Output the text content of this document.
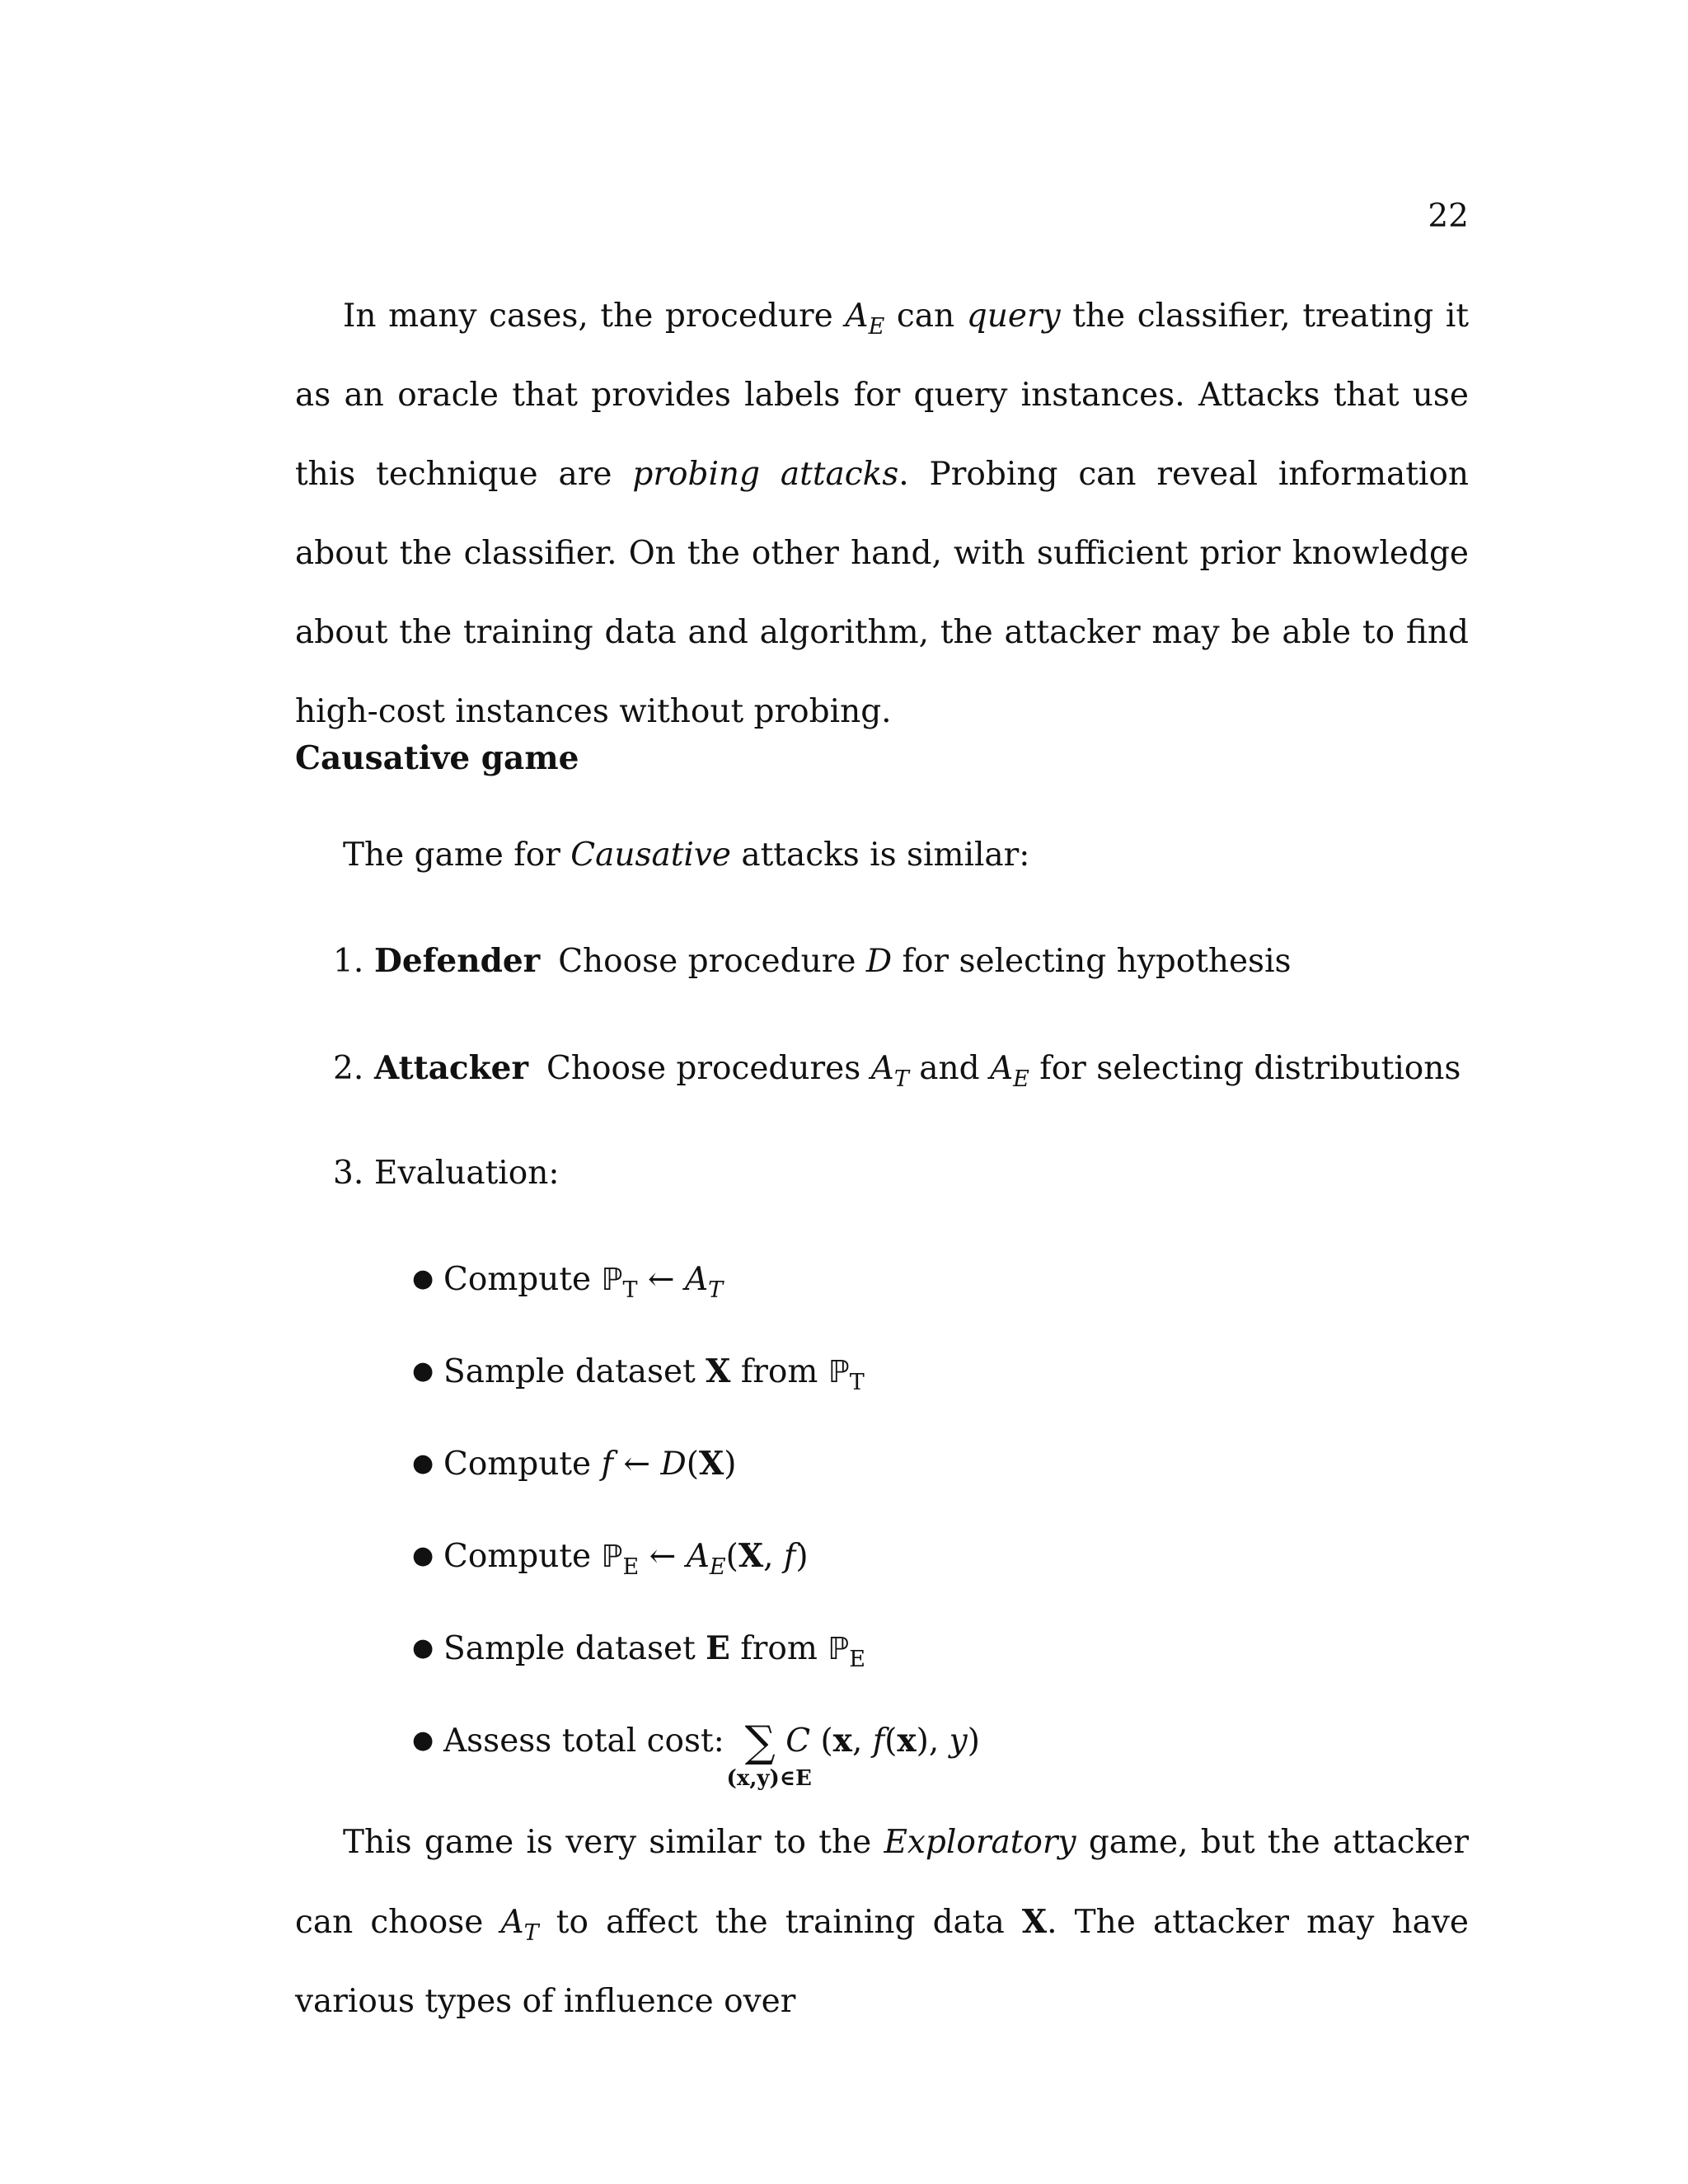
22
In many cases, the procedure $A_E$ can query the classifier, treating it as an oracle that provides labels for query instances. Attacks that use this technique are probing attacks. Probing can reveal information about the classifier. On the other hand, with sufficient prior knowledge about the training data and algorithm, the attacker may be able to find high-cost instances without probing.
Causative game
The game for Causative attacks is similar:
1. Defender Choose procedure D for selecting hypothesis
2. Attacker Choose procedures $A_T$ and $A_E$ for selecting distributions
3. Evaluation:
● Compute ℙ$_T$ ← $A_T$
● Sample dataset X from ℙ$_T$
● Compute f ← D(X)
● Compute ℙ$_E$ ← $A_E(X$, f)
● Sample dataset E from ℙ$_E$
● Assess total cost: ∑
(x,y)∈E
C (x, f(x), y)
This game is very similar to the Exploratory game, but the attacker can choose $A_T$ to affect the training data X. The attacker may have various types of influence over
